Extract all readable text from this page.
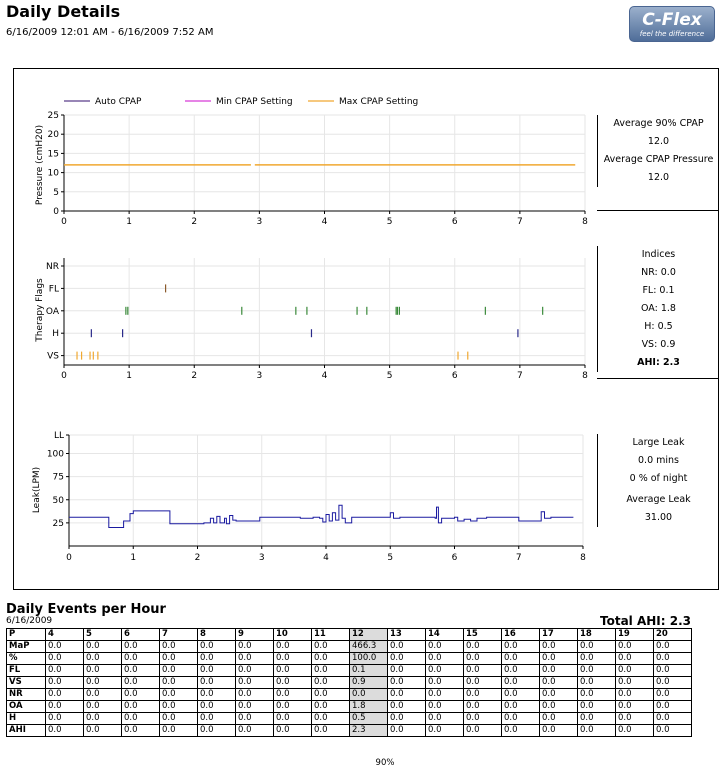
Daily Details
6/16/2009 12:01 AM - 6/16/2009 7:52 AM
C-Flex
feel the difference
Auto CPAP	Min CPAP Setting	Max CPAP Setting
Pressure (cmH20)
0	1	2	3	4	5	6	7	8
0
5
10
15
20
25
Therapy Flags
0	1	2	3	4	5	6	7	8
NR
FL
OA
H
VS
Leak(LPM)
0	1	2	3	4	5	6	7	8
25
50
75
100
LL
Average 90% CPAP
12.0
Average CPAP Pressure
12.0
Indices
NR: 0.0
FL: 0.1
OA: 1.8
H: 0.5
VS: 0.9
AHI: 2.3
Large Leak
0.0 mins
0 % of night
Average Leak
31.00
Daily Events per Hour
6/16/2009	Total AHI: 2.3
P	4	5	6	7	8	9	10	11	12	13	14	15	16	17	18	19	20
MaP	0.0	0.0	0.0	0.0	0.0	0.0	0.0	0.0	466.3	0.0	0.0	0.0	0.0	0.0	0.0	0.0	0.0
%	0.0	0.0	0.0	0.0	0.0	0.0	0.0	0.0	100.0	0.0	0.0	0.0	0.0	0.0	0.0	0.0	0.0
FL	0.0	0.0	0.0	0.0	0.0	0.0	0.0	0.0	0.1	0.0	0.0	0.0	0.0	0.0	0.0	0.0	0.0
VS	0.0	0.0	0.0	0.0	0.0	0.0	0.0	0.0	0.9	0.0	0.0	0.0	0.0	0.0	0.0	0.0	0.0
NR	0.0	0.0	0.0	0.0	0.0	0.0	0.0	0.0	0.0	0.0	0.0	0.0	0.0	0.0	0.0	0.0	0.0
OA	0.0	0.0	0.0	0.0	0.0	0.0	0.0	0.0	1.8	0.0	0.0	0.0	0.0	0.0	0.0	0.0	0.0
H	0.0	0.0	0.0	0.0	0.0	0.0	0.0	0.0	0.5	0.0	0.0	0.0	0.0	0.0	0.0	0.0	0.0
AHI	0.0	0.0	0.0	0.0	0.0	0.0	0.0	0.0	2.3	0.0	0.0	0.0	0.0	0.0	0.0	0.0	0.0
90%
